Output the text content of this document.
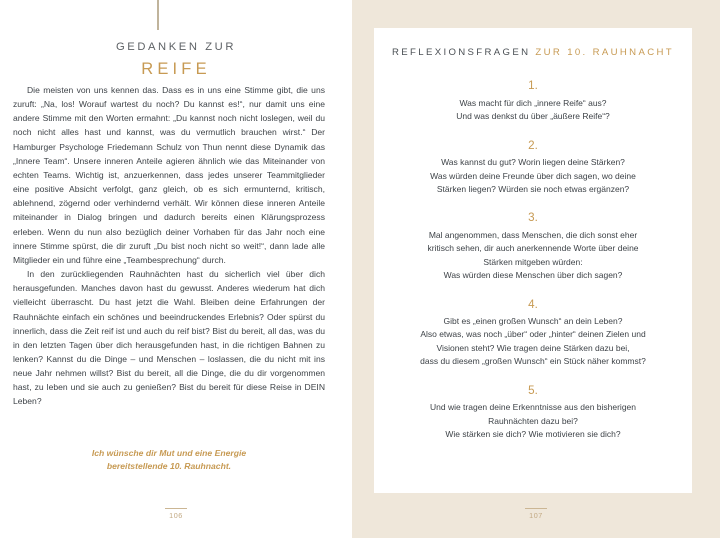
GEDANKEN ZUR
REIFE

Die meisten von uns kennen das. Dass es in uns eine Stimme gibt, die uns zuruft: „Na, los! Worauf wartest du noch? Du kannst es!“, nur damit uns eine andere Stimme mit den Worten ermahnt: „Du kannst noch nicht loslegen, weil du noch nicht alles hast und kannst, was du vermutlich brauchen wirst.“ Der Hamburger Psychologe Friedemann Schulz von Thun nennt diese Dynamik das „Innere Team“. Unsere inneren Anteile agieren ähnlich wie das Miteinander von echten Teams. Wichtig ist, anzuerkennen, dass jedes unserer Teammitglieder eine positive Absicht verfolgt, ganz gleich, ob es sich ermunternd, kritisch, ablehnend, zögernd oder verhindernd verhält. Wir können diese inneren Anteile miteinander in Dialog bringen und dadurch bereits einen Klärungsprozess erleben. Wenn du nun also bezüglich deiner Vorhaben für das Jahr noch eine innere Stimme spürst, die dir zuruft „Du bist noch nicht so weit!“, dann lade alle Mitglieder ein und führe eine „Teambesprechung“ durch.

In den zurückliegenden Rauhnächten hast du sicherlich viel über dich herausgefunden. Manches davon hast du gewusst. Anderes wiederum hat dich vielleicht überrascht. Du hast jetzt die Wahl. Bleiben deine Erfahrungen der Rauhnächte einfach ein schönes und beeindruckendes Erlebnis? Oder spürst du innerlich, dass die Zeit reif ist und auch du reif bist? Bist du bereit, all das, was du in den letzten Tagen über dich herausgefunden hast, in die richtigen Bahnen zu lenken? Kannst du die Dinge – und Menschen – loslassen, die du nicht mit ins neue Jahr nehmen willst? Bist du bereit, all die Dinge, die du dir vorgenommen hast, zu leben und sie auch zu genießen? Bist du bereit für diese Reise in DEIN Leben?

Ich wünsche dir Mut und eine Energie
bereitstellende 10. Rauhnacht.
106
REFLEXIONSFRAGEN ZUR 10. RAUHNACHT
1.
Was macht für dich „innere Reife“ aus?
Und was denkst du über „äußere Reife“?
2.
Was kannst du gut? Worin liegen deine Stärken?
Was würden deine Freunde über dich sagen, wo deine
Stärken liegen? Würden sie noch etwas ergänzen?
3.
Mal angenommen, dass Menschen, die dich sonst eher
kritisch sehen, dir auch anerkennende Worte über deine
Stärken mitgeben würden:
Was würden diese Menschen über dich sagen?
4.
Gibt es „einen großen Wunsch“ an dein Leben?
Also etwas, was noch „über“ oder „hinter“ deinen Zielen und
Visionen steht? Wie tragen deine Stärken dazu bei,
dass du diesem „großen Wunsch“ ein Stück näher kommst?
5.
Und wie tragen deine Erkenntnisse aus den bisherigen
Rauhnächten dazu bei?
Wie stärken sie dich? Wie motivieren sie dich?
107
